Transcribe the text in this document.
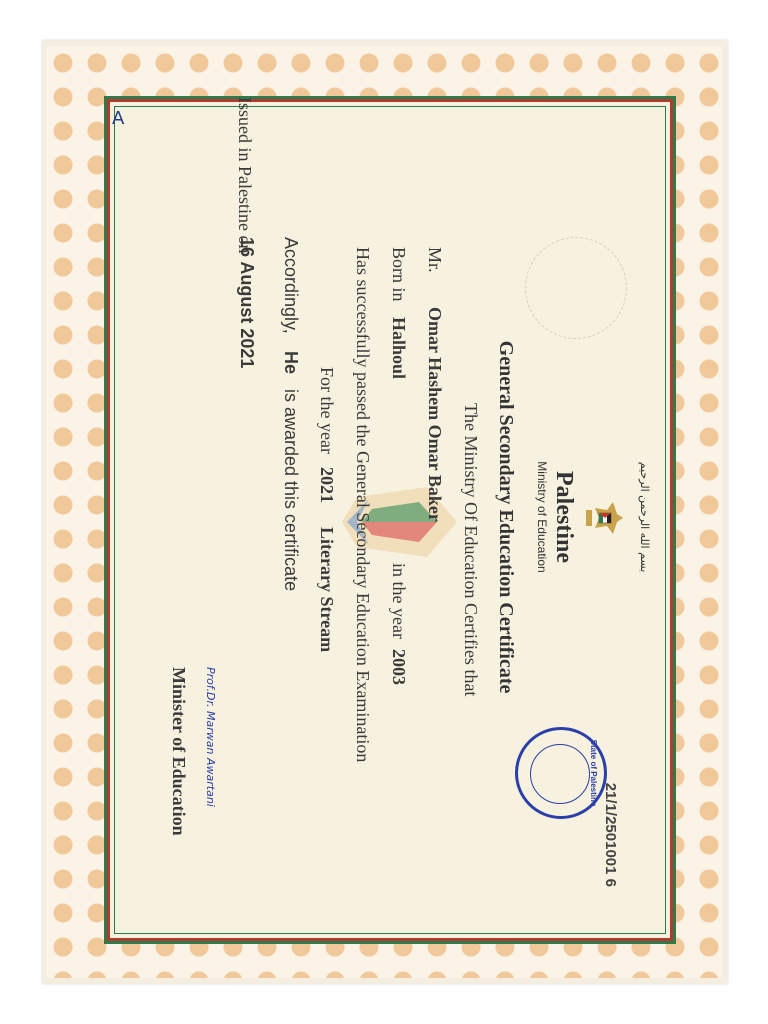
A
بسم الله الرحمن الرحيم
21/1/2501001 6
Palestine
Ministry of Education
State of Palestine
General Secondary Education Certificate
The Ministry Of Education Certifies that
Mr.
Omar Hashem Omar Baker
Born in
Halhoul
in the year
2003
Has successfully passed the General Secondary Education Examination
For the year
2021
Literary Stream
Accordingly,
He
is awarded this certificate
Issued in Palestine on
16 August 2021
Prof.Dr. Marwan Awartani
Minister of Education
